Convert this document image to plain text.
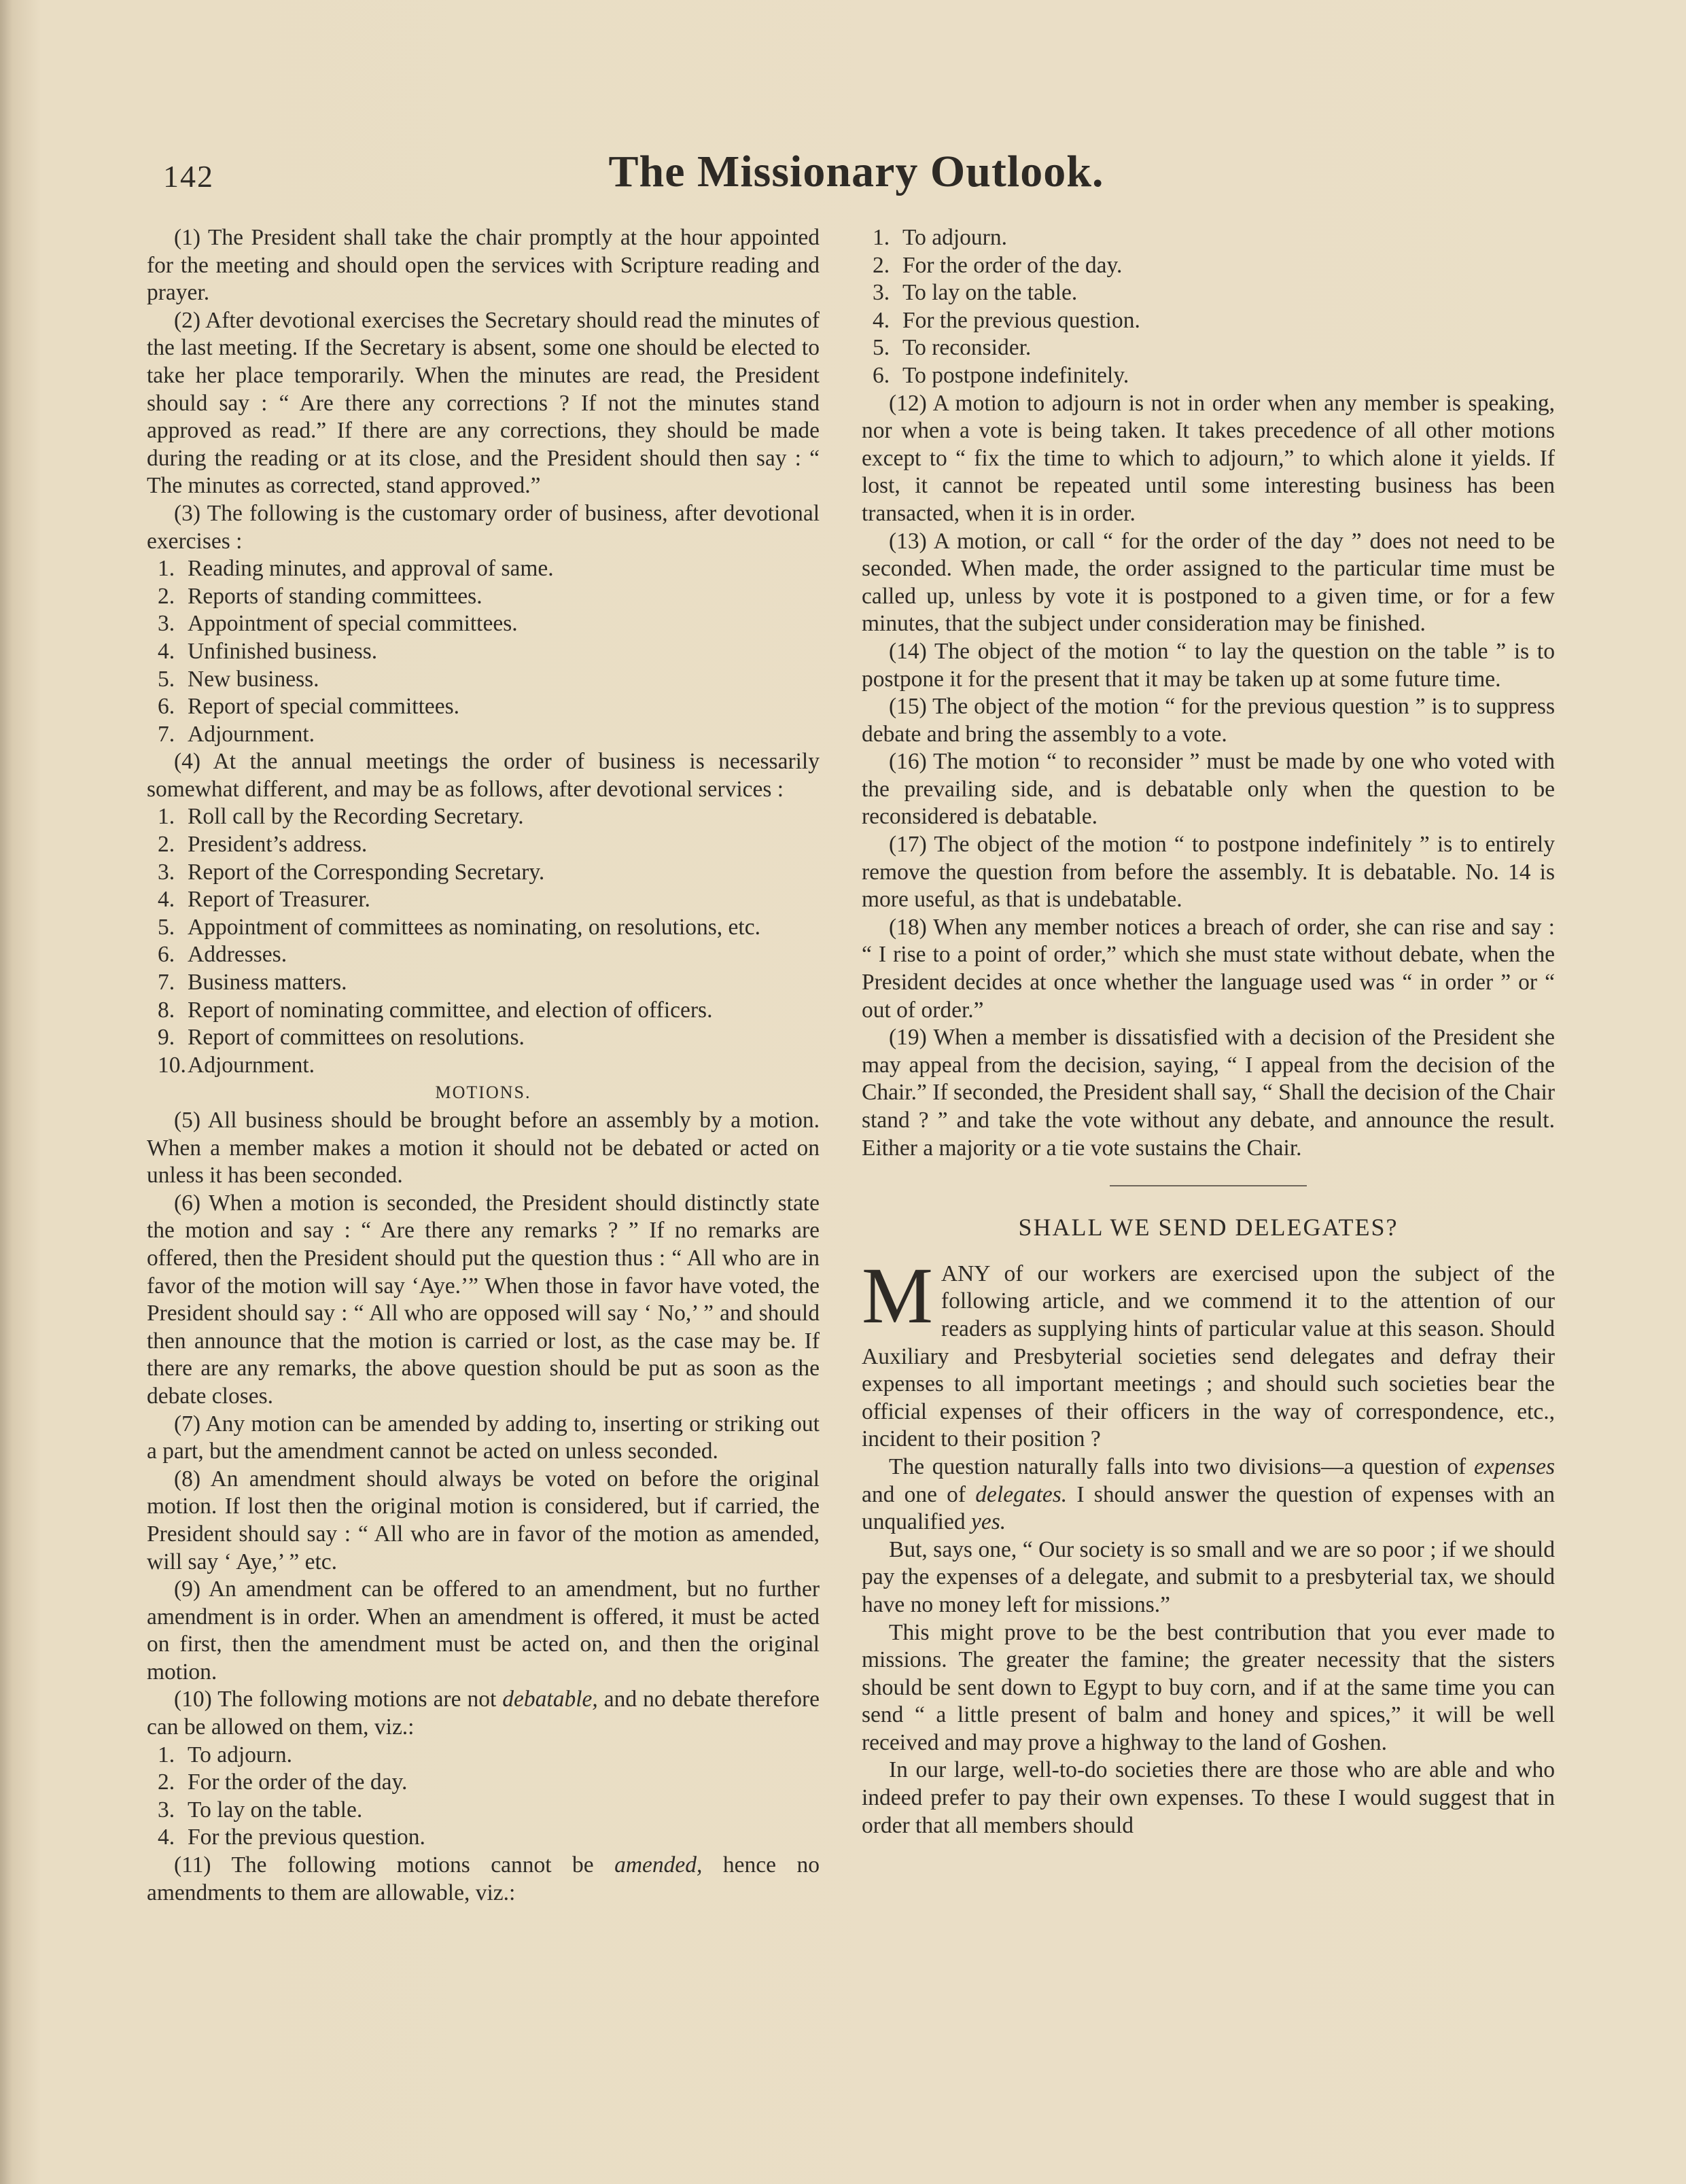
142	The Missionary Outlook.

(1) The President shall take the chair promptly at the hour appointed for the meeting and should open the services with Scripture reading and prayer.

(2) After devotional exercises the Secretary should read the minutes of the last meeting. If the Secretary is absent, some one should be elected to take her place temporarily. When the minutes are read, the President should say : “ Are there any corrections ? If not the minutes stand approved as read.” If there are any corrections, they should be made during the reading or at its close, and the President should then say : “ The minutes as corrected, stand approved.”

(3) The following is the customary order of business, after devotional exercises :

1. Reading minutes, and approval of same.
2. Reports of standing committees.
3. Appointment of special committees.
4. Unfinished business.
5. New business.
6. Report of special committees.
7. Adjournment.

(4) At the annual meetings the order of business is necessarily somewhat different, and may be as follows, after devotional services :

1. Roll call by the Recording Secretary.
2. President’s address.
3. Report of the Corresponding Secretary.
4. Report of Treasurer.
5. Appointment of committees as nominating, on resolutions, etc.
6. Addresses.
7. Business matters.
8. Report of nominating committee, and election of officers.
9. Report of committees on resolutions.
10. Adjournment.

MOTIONS.

(5) All business should be brought before an assembly by a motion. When a member makes a motion it should not be debated or acted on unless it has been seconded.

(6) When a motion is seconded, the President should distinctly state the motion and say : “ Are there any remarks ? ” If no remarks are offered, then the President should put the question thus : “ All who are in favor of the motion will say ‘Aye.’” When those in favor have voted, the President should say : “ All who are opposed will say ‘ No,’ ” and should then announce that the motion is carried or lost, as the case may be. If there are any remarks, the above question should be put as soon as the debate closes.

(7) Any motion can be amended by adding to, inserting or striking out a part, but the amendment cannot be acted on unless seconded.

(8) An amendment should always be voted on before the original motion. If lost then the original motion is considered, but if carried, the President should say : “ All who are in favor of the motion as amended, will say ‘ Aye,’ ” etc.

(9) An amendment can be offered to an amendment, but no further amendment is in order. When an amendment is offered, it must be acted on first, then the amendment must be acted on, and then the original motion.

(10) The following motions are not debatable, and no debate therefore can be allowed on them, viz.:

1. To adjourn.
2. For the order of the day.
3. To lay on the table.
4. For the previous question.

(11) The following motions cannot be amended, hence no amendments to them are allowable, viz.:

1. To adjourn.
2. For the order of the day.
3. To lay on the table.
4. For the previous question.
5. To reconsider.
6. To postpone indefinitely.

(12) A motion to adjourn is not in order when any member is speaking, nor when a vote is being taken. It takes precedence of all other motions except to “ fix the time to which to adjourn,” to which alone it yields. If lost, it cannot be repeated until some interesting business has been transacted, when it is in order.

(13) A motion, or call “ for the order of the day ” does not need to be seconded. When made, the order assigned to the particular time must be called up, unless by vote it is postponed to a given time, or for a few minutes, that the subject under consideration may be finished.

(14) The object of the motion “ to lay the question on the table ” is to postpone it for the present that it may be taken up at some future time.

(15) The object of the motion “ for the previous question ” is to suppress debate and bring the assembly to a vote.

(16) The motion “ to reconsider ” must be made by one who voted with the prevailing side, and is debatable only when the question to be reconsidered is debatable.

(17) The object of the motion “ to postpone indefinitely ” is to entirely remove the question from before the assembly. It is debatable. No. 14 is more useful, as that is undebatable.

(18) When any member notices a breach of order, she can rise and say : “ I rise to a point of order,” which she must state without debate, when the President decides at once whether the language used was “ in order ” or “ out of order.”

(19) When a member is dissatisfied with a decision of the President she may appeal from the decision, saying, “ I appeal from the decision of the Chair.” If seconded, the President shall say, “ Shall the decision of the Chair stand ? ” and take the vote without any debate, and announce the result. Either a majority or a tie vote sustains the Chair.

SHALL WE SEND DELEGATES?

MANY of our workers are exercised upon the subject of the following article, and we commend it to the attention of our readers as supplying hints of particular value at this season. Should Auxiliary and Presbyterial societies send delegates and defray their expenses to all important meetings ; and should such societies bear the official expenses of their officers in the way of correspondence, etc., incident to their position ?

The question naturally falls into two divisions—a question of expenses and one of delegates. I should answer the question of expenses with an unqualified yes.

But, says one, “ Our society is so small and we are so poor ; if we should pay the expenses of a delegate, and submit to a presbyterial tax, we should have no money left for missions.”

This might prove to be the best contribution that you ever made to missions. The greater the famine; the greater necessity that the sisters should be sent down to Egypt to buy corn, and if at the same time you can send “ a little present of balm and honey and spices,” it will be well received and may prove a highway to the land of Goshen.

In our large, well-to-do societies there are those who are able and who indeed prefer to pay their own expenses. To these I would suggest that in order that all members should
